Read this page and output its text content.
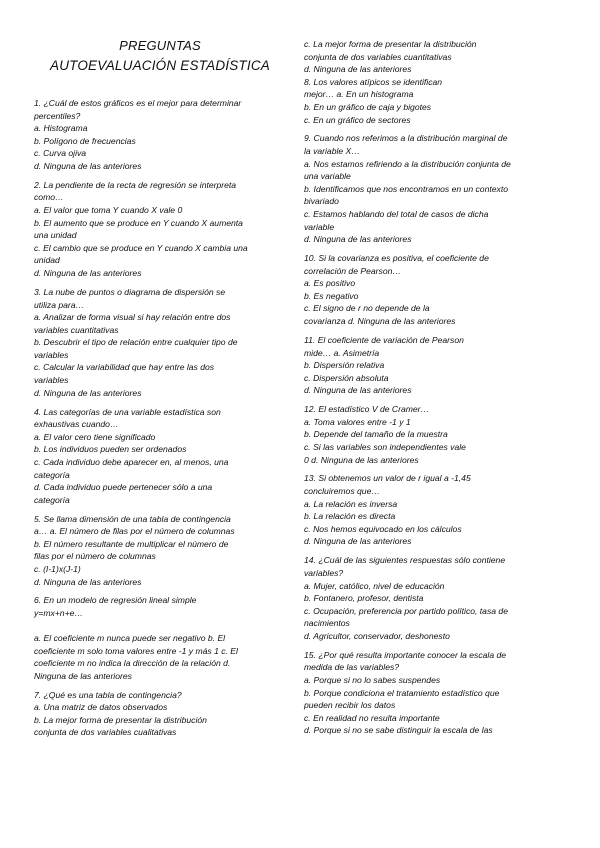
PREGUNTAS
AUTOEVALUACIÓN ESTADÍSTICA
1. ¿Cuál de estos gráficos es el mejor para determinar
percentiles?
a. Histograma
b. Polígono de frecuencias
c. Curva ojiva
d. Ninguna de las anteriores
2. La pendiente de la recta de regresión se interpreta
como…
a. El valor que toma Y cuando X vale 0
b. El aumento que se produce en Y cuando X aumenta
una unidad
c. El cambio que se produce en Y cuando X cambia una
unidad
d. Ninguna de las anteriores
3. La nube de puntos o diagrama de dispersión se
utiliza para…
a. Analizar de forma visual si hay relación entre dos
variables cuantitativas
b. Descubrir el tipo de relación entre cualquier tipo de
variables
c. Calcular la variabilidad que hay entre las dos
variables
d. Ninguna de las anteriores
4. Las categorías de una variable estadística son
exhaustivas cuando…
a. El valor cero tiene significado
b. Los individuos pueden ser ordenados
c. Cada individuo debe aparecer en, al menos, una
categoría
d. Cada individuo puede pertenecer sólo a una
categoría
5. Se llama dimensión de una tabla de contingencia
a… a. El número de filas por el número de columnas
b. El número resultante de multiplicar el número de
filas por el número de columnas
c. (I-1)x(J-1)
d. Ninguna de las anteriores
6. En un modelo de regresión lineal simple
y=mx+n+e…
a. El coeficiente m nunca puede ser negativo b. El
coeficiente m solo toma valores entre -1 y más 1 c. El
coeficiente m no indica la dirección de la relación d.
Ninguna de las anteriores
7. ¿Qué es una tabla de contingencia?
a. Una matriz de datos observados
b. La mejor forma de presentar la distribución
conjunta de dos variables cualitativas
c. La mejor forma de presentar la distribución
conjunta de dos variables cuantitativas
d. Ninguna de las anteriores
8. Los valores atípicos se identifican
mejor… a. En un histograma
b. En un gráfico de caja y bigotes
c. En un gráfico de sectores
9. Cuando nos referimos a la distribución marginal de
la variable X…
a. Nos estamos refiriendo a la distribución conjunta de
una variable
b. Identificamos que nos encontramos en un contexto
bivariado
c. Estamos hablando del total de casos de dicha
variable
d. Ninguna de las anteriores
10. Si la covarianza es positiva, el coeficiente de
correlación de Pearson…
a. Es positivo
b. Es negativo
c. El signo de r no depende de la
covarianza d. Ninguna de las anteriores
11. El coeficiente de variación de Pearson
mide… a. Asimetría
b. Dispersión relativa
c. Dispersión absoluta
d. Ninguna de las anteriores
12. El estadístico V de Cramer…
a. Toma valores entre -1 y 1
b. Depende del tamaño de la muestra
c. Si las variables son independientes vale
0 d. Ninguna de las anteriores
13. Si obtenemos un valor de r igual a -1,45
concluiremos que…
a. La relación es inversa
b. La relación es directa
c. Nos hemos equivocado en los cálculos
d. Ninguna de las anteriores
14. ¿Cuál de las siguientes respuestas sólo contiene
variables?
a. Mujer, católico, nivel de educación
b. Fontanero, profesor, dentista
c. Ocupación, preferencia por partido político, tasa de
nacimientos
d. Agricultor, conservador, deshonesto
15. ¿Por qué resulta importante conocer la escala de
medida de las variables?
a. Porque si no lo sabes suspendes
b. Porque condiciona el tratamiento estadístico que
pueden recibir los datos
c. En realidad no resulta importante
d. Porque si no se sabe distinguir la escala de las
